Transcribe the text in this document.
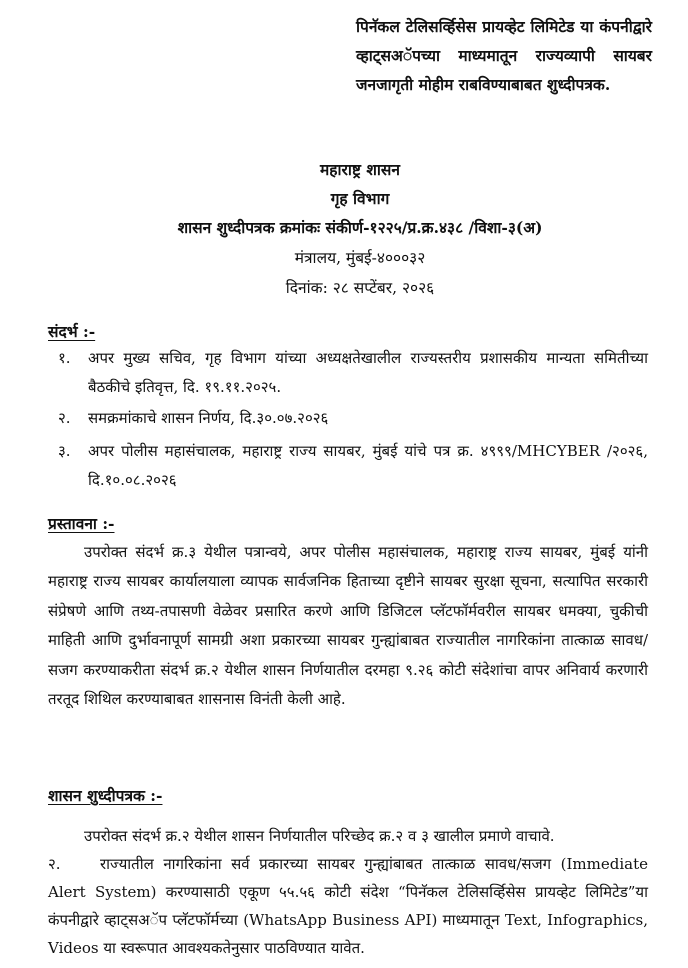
पिनॅकल टेलिसर्व्हिसेस प्रायव्हेट लिमिटेड या कंपनीद्वारे व्हाट्सअॅपच्या माध्यमातून राज्यव्यापी सायबर जनजागृती मोहीम राबविण्याबाबत शुध्दीपत्रक.
महाराष्ट्र शासन
गृह विभाग
शासन शुध्दीपत्रक क्रमांकः संकीर्ण-१२२५/प्र.क्र.४३८ /विशा-३(अ)
मंत्रालय, मुंबई-४०००३२
दिनांक: २८ सप्टेंबर, २०२६
संदर्भ :-
१. अपर मुख्य सचिव, गृह विभाग यांच्या अध्यक्षतेखालील राज्यस्तरीय प्रशासकीय मान्यता समितीच्या बैठकीचे इतिवृत्त, दि. १९.११.२०२५.
२. समक्रमांकाचे शासन निर्णय, दि.३०.०७.२०२६
३. अपर पोलीस महासंचालक, महाराष्ट्र राज्य सायबर, मुंबई यांचे पत्र क्र. ४९९९/MHCYBER /२०२६, दि.१०.०८.२०२६
प्रस्तावना :-
उपरोक्त संदर्भ क्र.३ येथील पत्रान्वये, अपर पोलीस महासंचालक, महाराष्ट्र राज्य सायबर, मुंबई यांनी महाराष्ट्र राज्य सायबर कार्यालयाला व्यापक सार्वजनिक हिताच्या दृष्टीने सायबर सुरक्षा सूचना, सत्यापित सरकारी संप्रेषणे आणि तथ्य-तपासणी वेळेवर प्रसारित करणे आणि डिजिटल प्लॅटफॉर्मवरील सायबर धमक्या, चुकीची माहिती आणि दुर्भावनापूर्ण सामग्री अशा प्रकारच्या सायबर गुन्ह्यांबाबत राज्यातील नागरिकांना तात्काळ सावध/सजग करण्याकरीता संदर्भ क्र.२ येथील शासन निर्णयातील दरमहा ९.२६ कोटी संदेशांचा वापर अनिवार्य करणारी तरतूद शिथिल करण्याबाबत शासनास विनंती केली आहे.
शासन शुध्दीपत्रक :-
उपरोक्त संदर्भ क्र.२ येथील शासन निर्णयातील परिच्छेद क्र.२ व ३ खालील प्रमाणे वाचावे.
२.	राज्यातील नागरिकांना सर्व प्रकारच्या सायबर गुन्ह्यांबाबत तात्काळ सावध/सजग (Immediate Alert System) करण्यासाठी एकूण ५५.५६ कोटी संदेश “पिनॅकल टेलिसर्व्हिसेस प्रायव्हेट लिमिटेड”या कंपनीद्वारे व्हाट्सअॅप प्लॅटफॉर्मच्या (WhatsApp Business API) माध्यमातून Text, Infographics, Videos या स्वरूपात आवश्यकतेनुसार पाठविण्यात यावेत.
